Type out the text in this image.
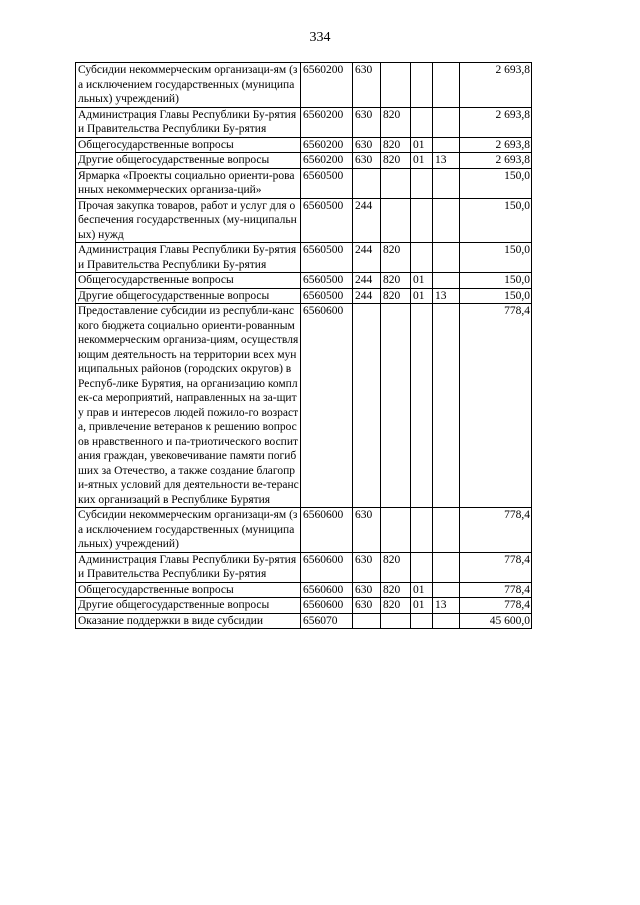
334
Субсидии некоммерческим организаци-ям (за исключением государственных (муниципальных) учреждений)	6560200	630				2 693,8
Администрация Главы Республики Бу-рятия и Правительства Республики Бу-рятия	6560200	630	820			2 693,8
Общегосударственные вопросы	6560200	630	820	01		2 693,8
Другие общегосударственные вопросы	6560200	630	820	01	13	2 693,8
Ярмарка «Проекты социально ориенти-рованных некоммерческих организа-ций»	6560500					150,0
Прочая закупка товаров, работ и услуг для обеспечения государственных (му-ниципальных) нужд	6560500	244				150,0
Администрация Главы Республики Бу-рятия и Правительства Республики Бу-рятия	6560500	244	820			150,0
Общегосударственные вопросы	6560500	244	820	01		150,0
Другие общегосударственные вопросы	6560500	244	820	01	13	150,0
Предоставление субсидии из республи-канского бюджета социально ориенти-рованным некоммерческим организа-циям, осуществляющим деятельность на территории всех муниципальных районов (городских округов) в Респуб-лике Бурятия, на организацию комплек-са мероприятий, направленных на за-щиту прав и интересов людей пожило-го возраста, привлечение ветеранов к решению вопросов нравственного и па-триотического воспитания граждан, увековечивание памяти погибших за Отечество, а также создание благопри-ятных условий для деятельности ве-теранских организаций в Республике Бурятия	6560600					778,4
Субсидии некоммерческим организаци-ям (за исключением государственных (муниципальных) учреждений)	6560600	630				778,4
Администрация Главы Республики Бу-рятия и Правительства Республики Бу-рятия	6560600	630	820			778,4
Общегосударственные вопросы	6560600	630	820	01		778,4
Другие общегосударственные вопросы	6560600	630	820	01	13	778,4
Оказание поддержки в виде субсидии	656070					45 600,0
